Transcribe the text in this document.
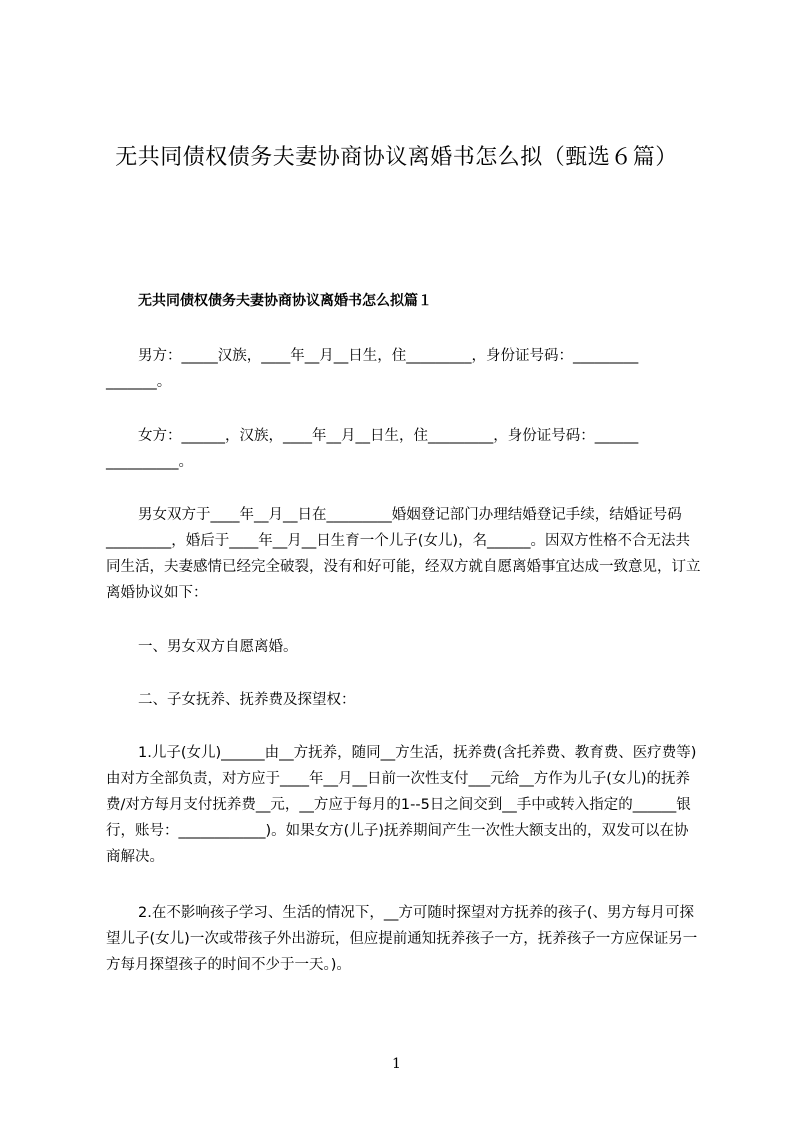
无共同债权债务夫妻协商协议离婚书怎么拟（甄选６篇）
无共同债权债务夫妻协商协议离婚书怎么拟篇１

男方：_____汉族，____年__月__日生，住_________，身份证号码：_________ _______。

女方：______，汉族，____年__月__日生，住_________，身份证号码：______ __________。

男女双方于____年__月__日在_________婚姻登记部门办理结婚登记手续，结婚证号码_________，婚后于____年__月__日生育一个儿子(女儿)，名______。因双方性格不合无法共同生活，夫妻感情已经完全破裂，没有和好可能，经双方就自愿离婚事宜达成一致意见，订立离婚协议如下：

一、男女双方自愿离婚。

二、子女抚养、抚养费及探望权：

1.儿子(女儿)______由__方抚养，随同__方生活，抚养费(含托养费、教育费、医疗费等)由对方全部负责，对方应于____年__月__日前一次性支付___元给__方作为儿子(女儿)的抚养费/对方每月支付抚养费__元，__方应于每月的1--5日之间交到__手中或转入指定的______银行，账号：____________)。如果女方(儿子)抚养期间产生一次性大额支出的，双发可以在协商解决。

2.在不影响孩子学习、生活的情况下，__方可随时探望对方抚养的孩子(、男方每月可探望儿子(女儿)一次或带孩子外出游玩，但应提前通知抚养孩子一方，抚养孩子一方应保证另一方每月探望孩子的时间不少于一天。)。

1
